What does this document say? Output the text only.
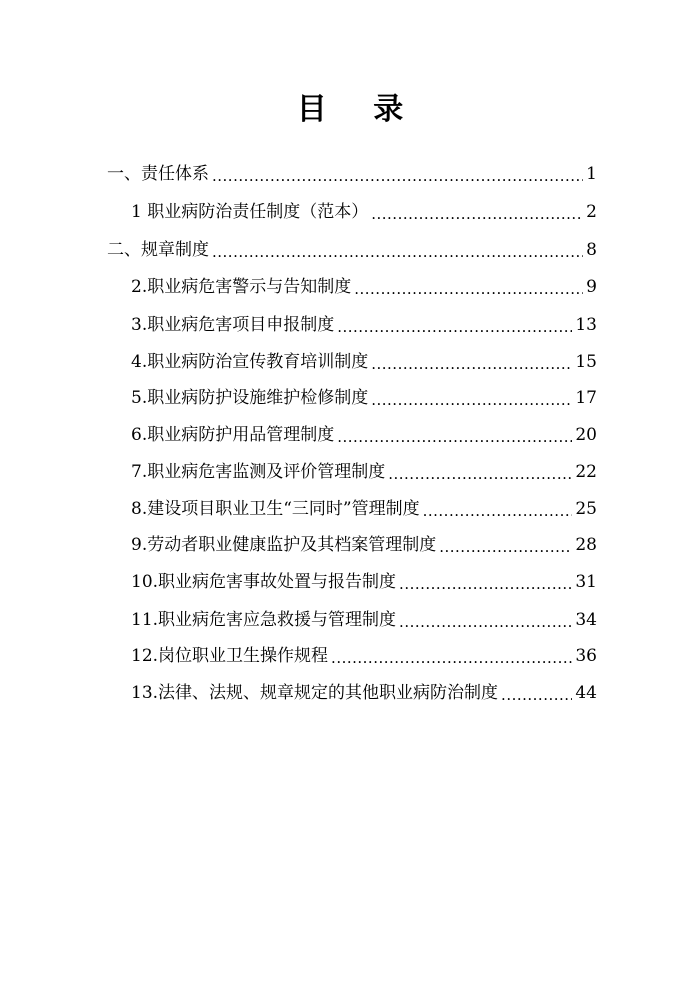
目 录
一、责任体系 .....	1
1 职业病防治责任制度（范本） .....	2
二、规章制度 .....	8
2.职业病危害警示与告知制度 .....	9
3.职业病危害项目申报制度 .....	13
4.职业病防治宣传教育培训制度 .....	15
5.职业病防护设施维护检修制度 .....	17
6.职业病防护用品管理制度 .....	20
7.职业病危害监测及评价管理制度 .....	22
8.建设项目职业卫生“三同时”管理制度 .....	25
9.劳动者职业健康监护及其档案管理制度 .....	28
10.职业病危害事故处置与报告制度 .....	31
11.职业病危害应急救援与管理制度 .....	34
12.岗位职业卫生操作规程 .....	36
13.法律、法规、规章规定的其他职业病防治制度 .....	44
